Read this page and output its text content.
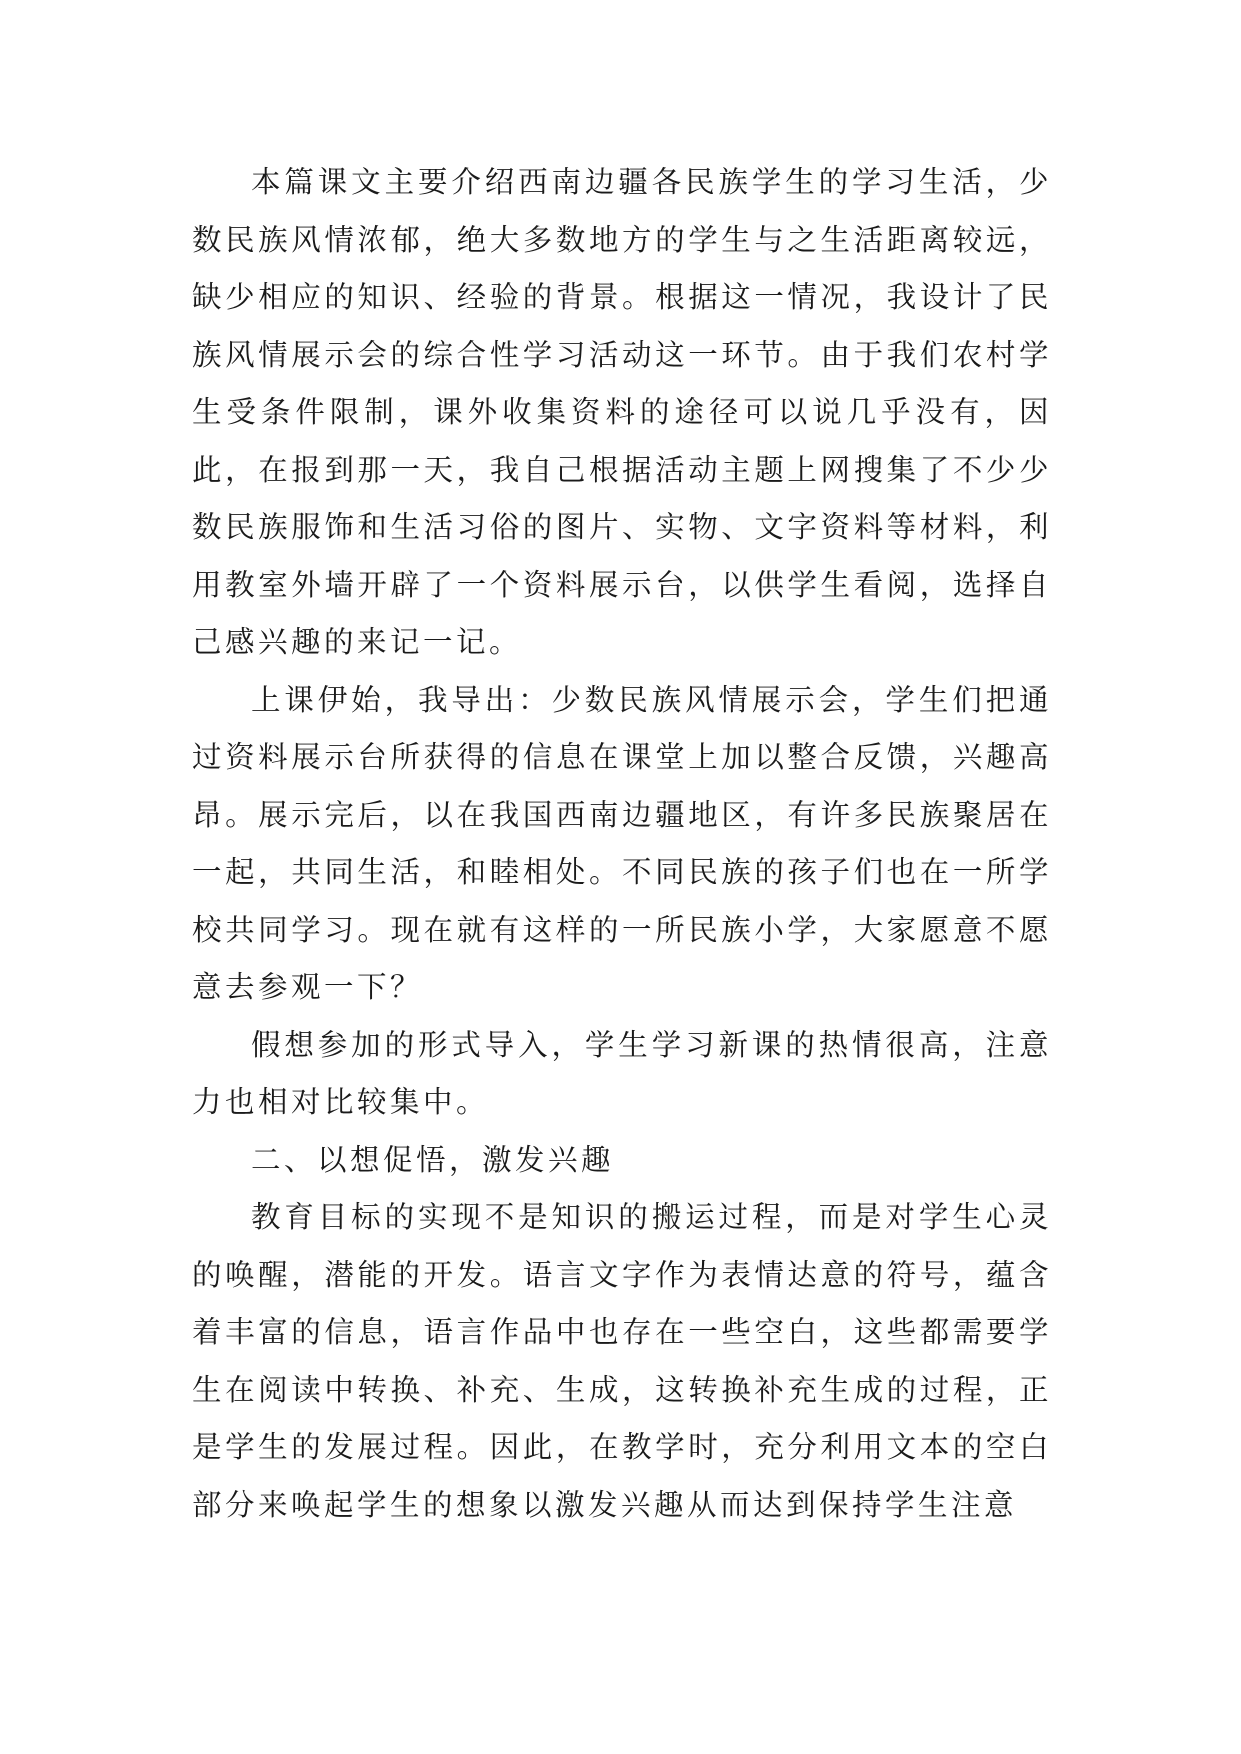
本篇课文主要介绍西南边疆各民族学生的学习生活，少数民族风情浓郁，绝大多数地方的学生与之生活距离较远，缺少相应的知识、经验的背景。根据这一情况，我设计了民族风情展示会的综合性学习活动这一环节。由于我们农村学生受条件限制，课外收集资料的途径可以说几乎没有，因此，在报到那一天，我自己根据活动主题上网搜集了不少少数民族服饰和生活习俗的图片、实物、文字资料等材料，利用教室外墙开辟了一个资料展示台，以供学生看阅，选择自己感兴趣的来记一记。

上课伊始，我导出：少数民族风情展示会，学生们把通过资料展示台所获得的信息在课堂上加以整合反馈，兴趣高昂。展示完后，以在我国西南边疆地区，有许多民族聚居在一起，共同生活，和睦相处。不同民族的孩子们也在一所学校共同学习。现在就有这样的一所民族小学，大家愿意不愿意去参观一下？

假想参加的形式导入，学生学习新课的热情很高，注意力也相对比较集中。

二、以想促悟，激发兴趣

教育目标的实现不是知识的搬运过程，而是对学生心灵的唤醒，潜能的开发。语言文字作为表情达意的符号，蕴含着丰富的信息，语言作品中也存在一些空白，这些都需要学生在阅读中转换、补充、生成，这转换补充生成的过程，正是学生的发展过程。因此，在教学时，充分利用文本的空白部分来唤起学生的想象以激发兴趣从而达到保持学生注意
